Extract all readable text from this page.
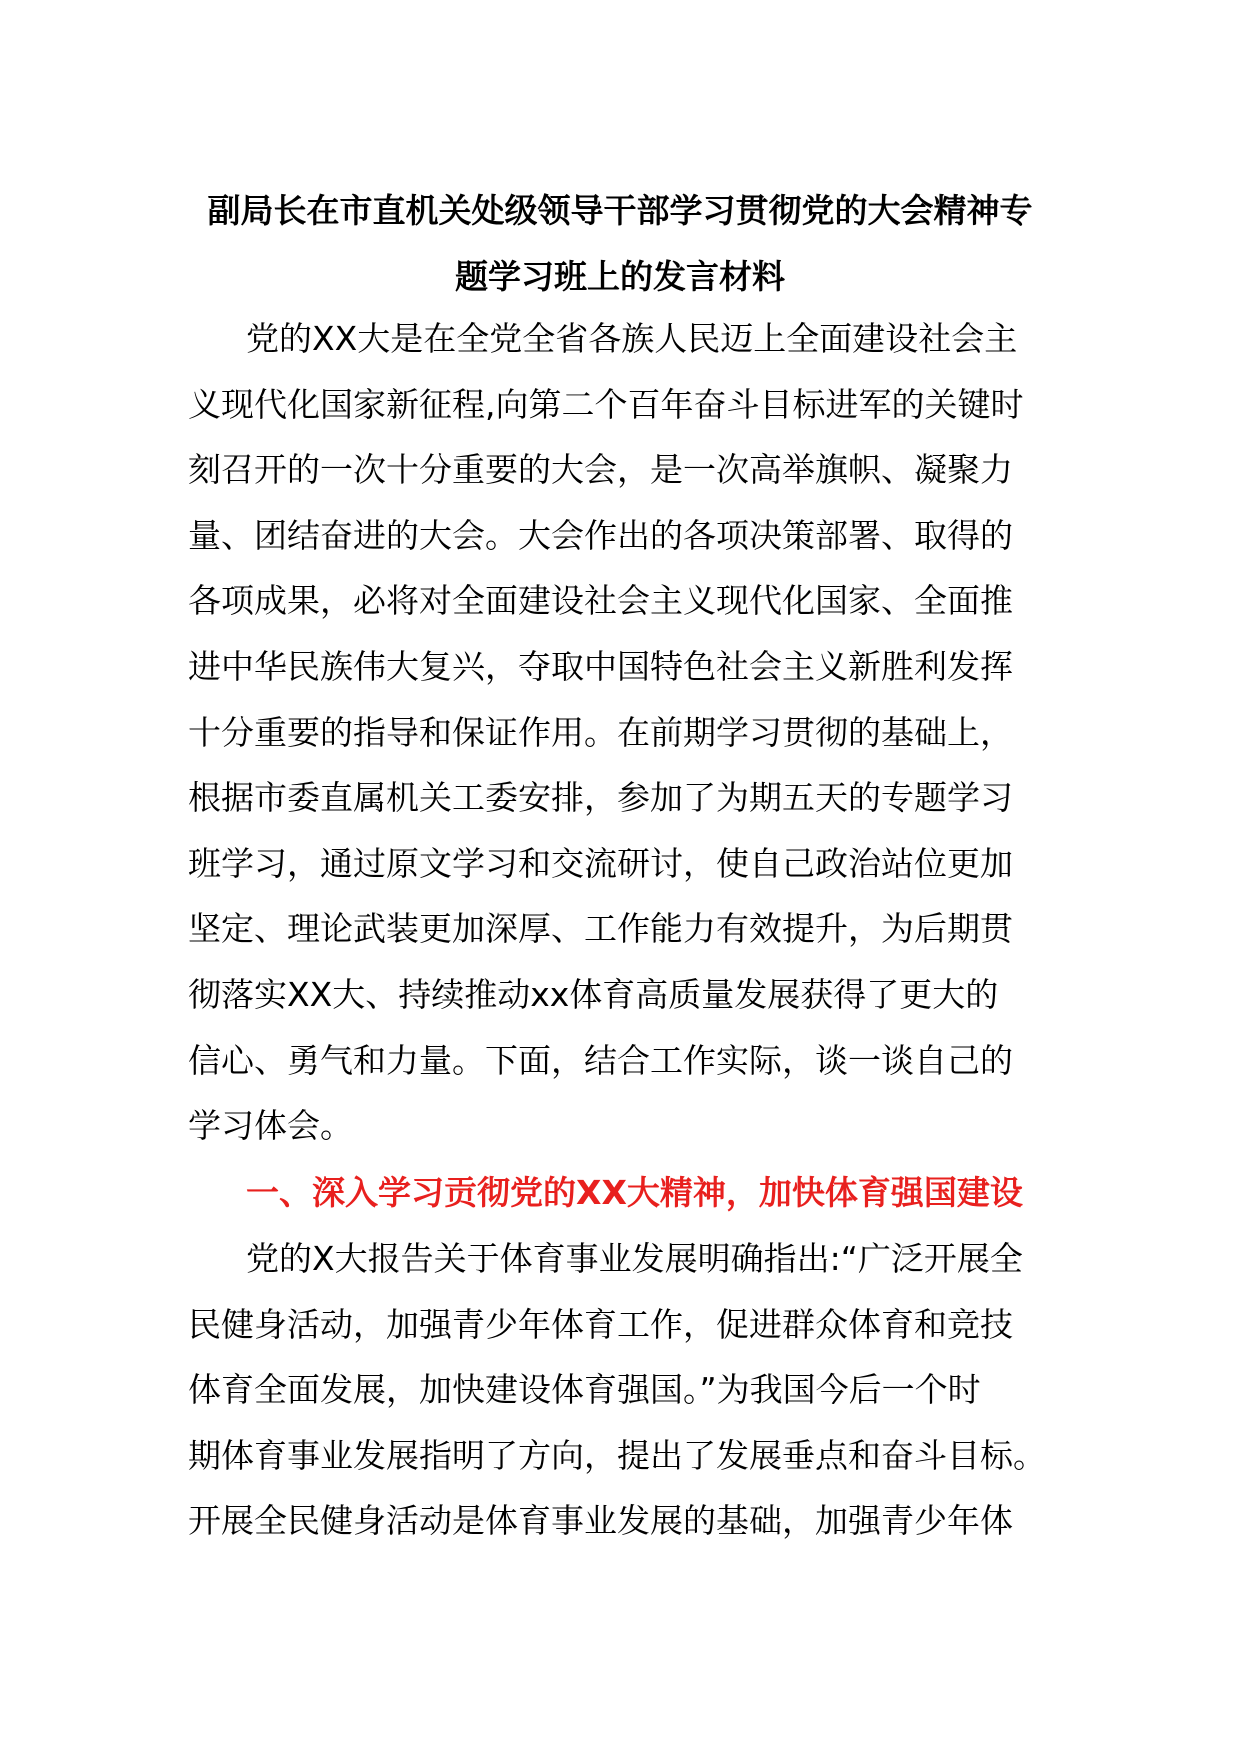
副局长在市直机关处级领导干部学习贯彻党的大会精神专
题学习班上的发言材料
党的XX大是在全党全省各族人民迈上全面建设社会主
义现代化国家新征程,向第二个百年奋斗目标进军的关键时
刻召开的一次十分重要的大会，是一次高举旗帜、凝聚力
量、团结奋进的大会。大会作出的各项决策部署、取得的
各项成果，必将对全面建设社会主义现代化国家、全面推
进中华民族伟大复兴，夺取中国特色社会主义新胜利发挥
十分重要的指导和保证作用。在前期学习贯彻的基础上，
根据市委直属机关工委安排，参加了为期五天的专题学习
班学习，通过原文学习和交流研讨，使自己政治站位更加
坚定、理论武装更加深厚、工作能力有效提升，为后期贯
彻落实XX大、持续推动xx体育高质量发展获得了更大的
信心、勇气和力量。下面，结合工作实际，谈一谈自己的
学习体会。
一、深入学习贡彻党的XX大精神，加快体育强国建设
党的X大报告关于体育事业发展明确指出:“广泛开展全
民健身活动，加强青少年体育工作，促进群众体育和竞技
体育全面发展，加快建设体育强国。”为我国今后一个时
期体育事业发展指明了方向，提出了发展垂点和奋斗目标。
开展全民健身活动是体育事业发展的基础，加强青少年体
